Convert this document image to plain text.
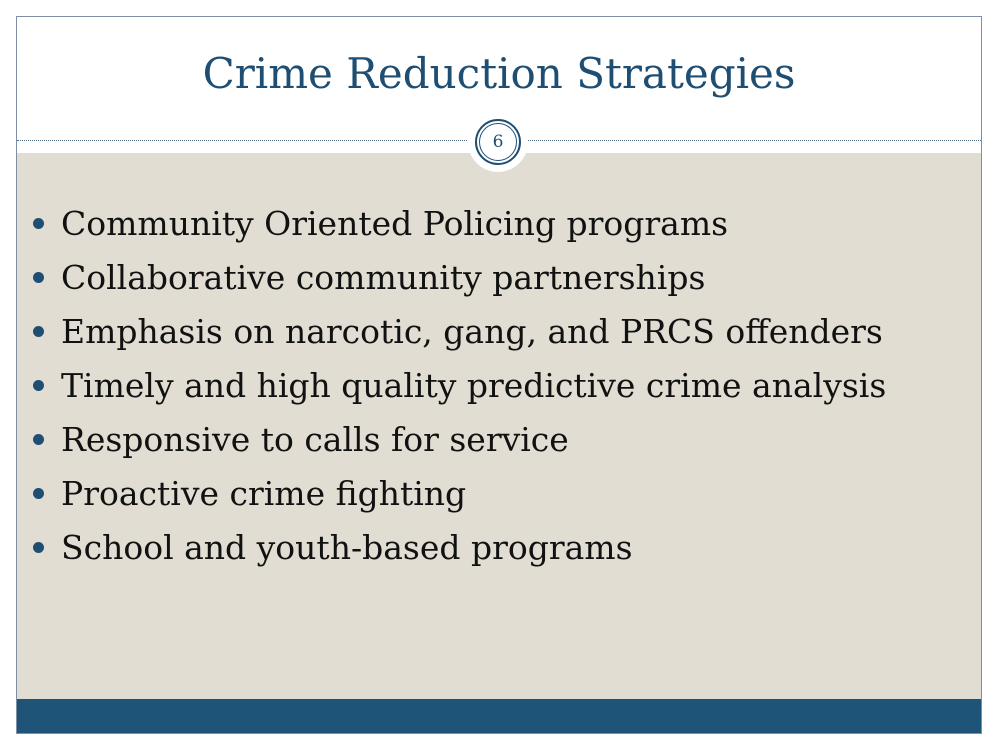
Crime Reduction Strategies
6
Community Oriented Policing programs
Collaborative community partnerships
Emphasis on narcotic, gang, and PRCS offenders
Timely and high quality predictive crime analysis
Responsive to calls for service
Proactive crime fighting
School and youth-based programs
